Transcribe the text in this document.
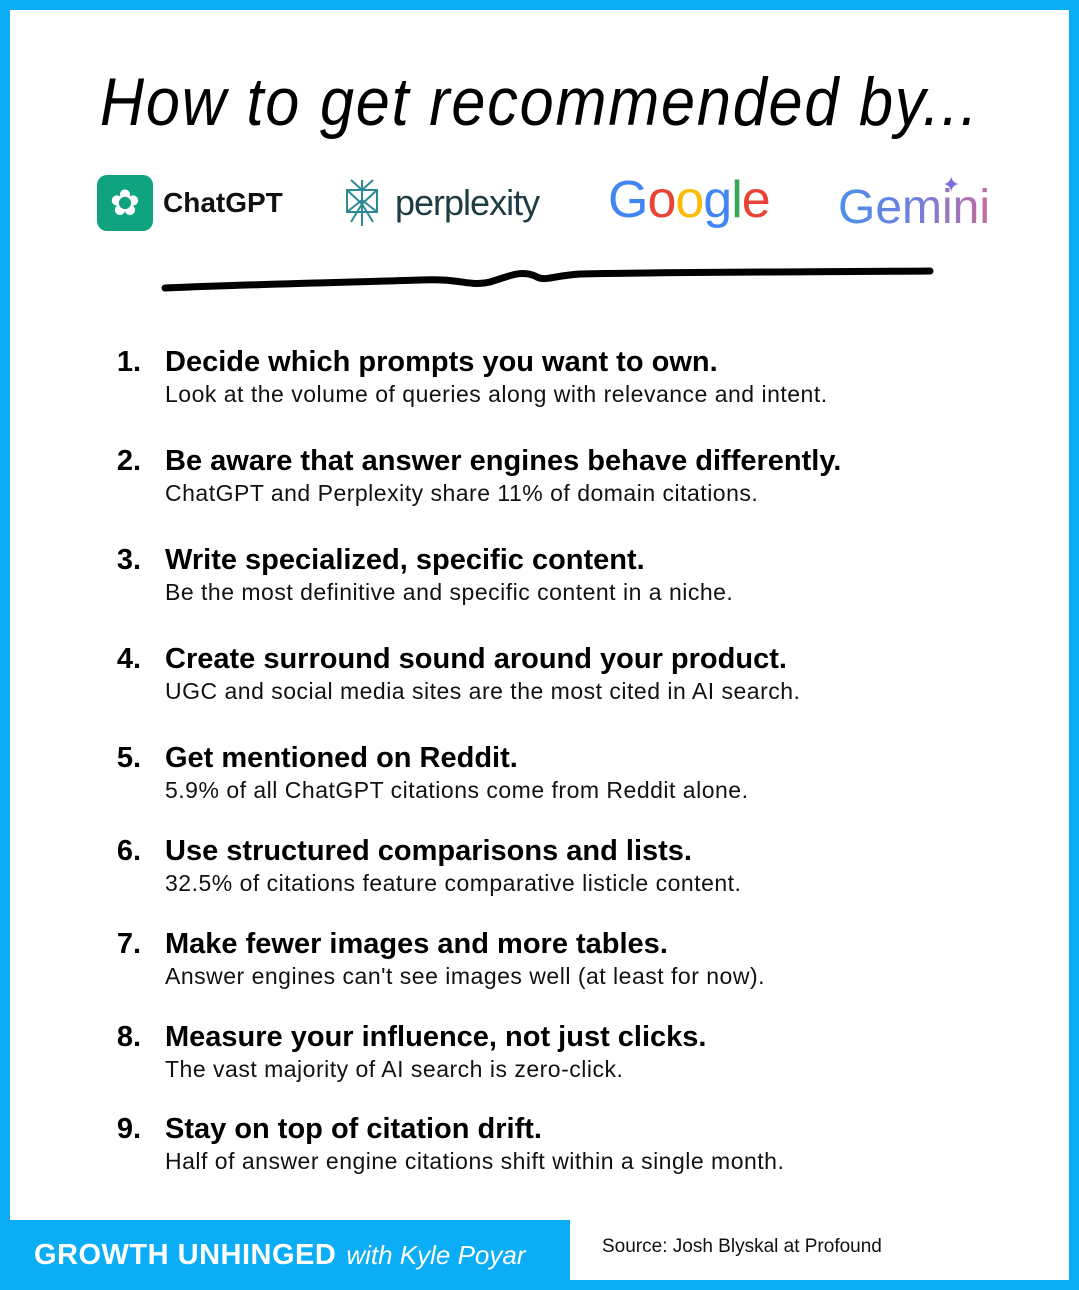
How to get recommended by...
✿ ChatGPT	perplexity Google Gemini
✦
1. Decide which prompts you want to own.
Look at the volume of queries along with relevance and intent.
2. Be aware that answer engines behave differently.
ChatGPT and Perplexity share 11% of domain citations.
3. Write specialized, specific content.
Be the most definitive and specific content in a niche.
4. Create surround sound around your product.
UGC and social media sites are the most cited in AI search.
5. Get mentioned on Reddit.
5.9% of all ChatGPT citations come from Reddit alone.
6. Use structured comparisons and lists.
32.5% of citations feature comparative listicle content.
7. Make fewer images and more tables.
Answer engines can't see images well (at least for now).
8. Measure your influence, not just clicks.
The vast majority of AI search is zero-click.
9. Stay on top of citation drift.
Half of answer engine citations shift within a single month.
GROWTH UNHINGED with Kyle Poyar	Source: Josh Blyskal at Profound
